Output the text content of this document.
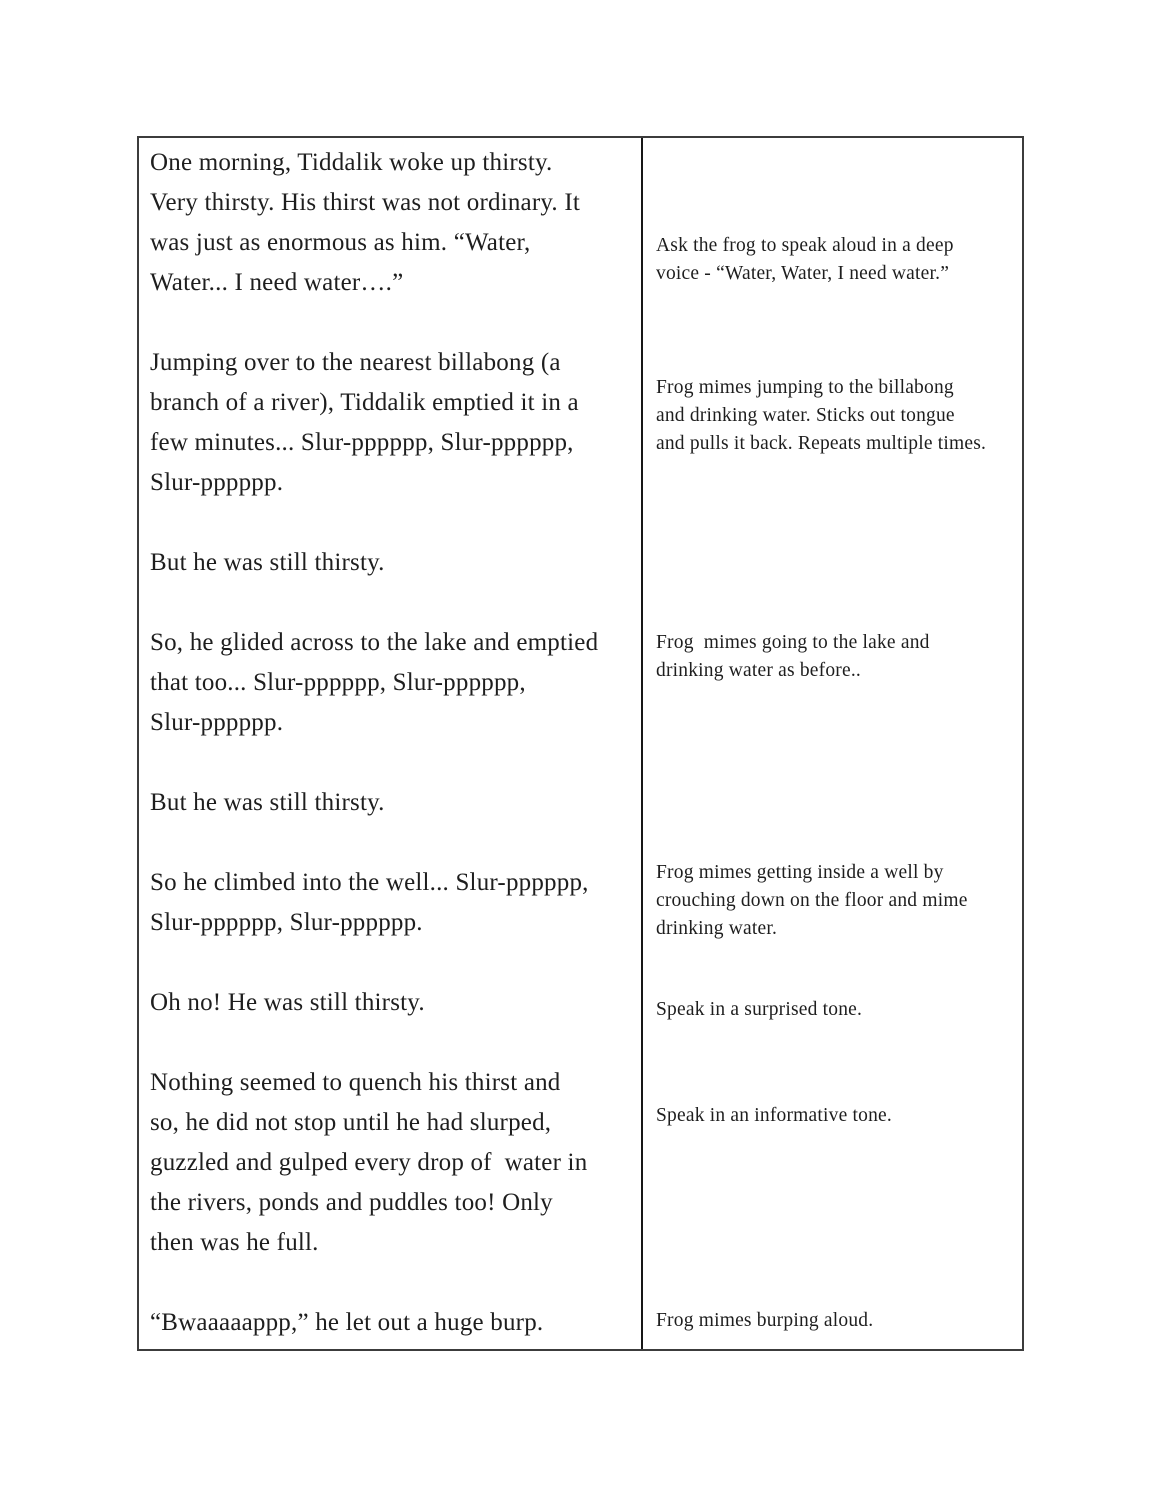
One morning, Tiddalik woke up thirsty.
Very thirsty. His thirst was not ordinary. It
was just as enormous as him. “Water,
Water... I need water….”

Jumping over to the nearest billabong (a
branch of a river), Tiddalik emptied it in a
few minutes... Slur-pppppp, Slur-pppppp,
Slur-pppppp.

But he was still thirsty.

So, he glided across to the lake and emptied
that too... Slur-pppppp, Slur-pppppp,
Slur-pppppp.

But he was still thirsty.

So he climbed into the well... Slur-pppppp,
Slur-pppppp, Slur-pppppp.

Oh no! He was still thirsty.

Nothing seemed to quench his thirst and
so, he did not stop until he had slurped,
guzzled and gulped every drop of  water in
the rivers, ponds and puddles too! Only
then was he full.

“Bwaaaaappp,” he let out a huge burp.

Ask the frog to speak aloud in a deep
voice - “Water, Water, I need water.”
Frog mimes jumping to the billabong
and drinking water. Sticks out tongue
and pulls it back. Repeats multiple times.
Frog  mimes going to the lake and
drinking water as before..
Frog mimes getting inside a well by
crouching down on the floor and mime
drinking water.
Speak in a surprised tone.
Speak in an informative tone.
Frog mimes burping aloud.
